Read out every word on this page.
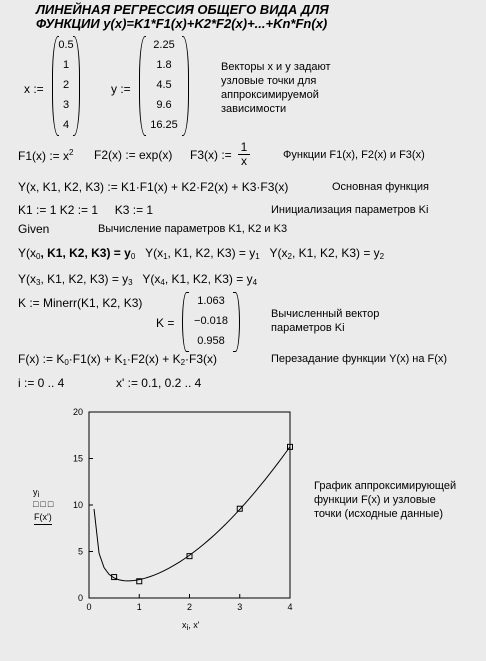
ЛИНЕЙНАЯ РЕГРЕССИЯ ОБЩЕГО ВИДА ДЛЯ
ФУНКЦИИ y(x)=K1*F1(x)+K2*F2(x)+...+Kn*Fn(x)
x :=
0.5
1
2
3
4
y :=
2.25
1.8
4.5
9.6
16.25
Векторы x и y задают
узловые точки для
аппроксимируемой
зависимости
F1(x) := $x^2$ F2(x) := exp(x) F3(x) := $\frac{1}{x}$	Функции F1(x), F2(x) и F3(x)
Y(x, K1, K2, K3) := K1·F1(x) + K2·F2(x) + K3·F3(x)	Основная функция
K1 := 1 K2 := 1     K3 := 1	Инициализация параметров Ki
Given	Вычисление параметров K1, K2 и K3
$Y(x_0$, K1, K2, $K3) = y_0$   $Y(x_1$, K1, K2, $K3) = y_1$   $Y(x_2$, K1, K2, $K3) = y_2$
$Y(x_3$, K1, K2, $K3) = y_3$   $Y(x_4$, K1, K2, $K3) = y_4$
K := Minerr(K1, K2, K3)
K =
1.063
−0.018
0.958
Вычисленный вектор
параметров Ki
F(x) := $K_0\cdot F1(x) + K_1\cdot F2(x) + K_2\cdot F3(x)$	Перезадание функции Y(x) на F(x)
i := 0 .. 4	x' := 0.1, 0.2 .. 4
0
5
10
15
20
0	1	2	3	4
$y_i$
□□□
F(x')
$x_i$, x'
График аппроксимирующей
функции F(x) и узловые
точки (исходные данные)
